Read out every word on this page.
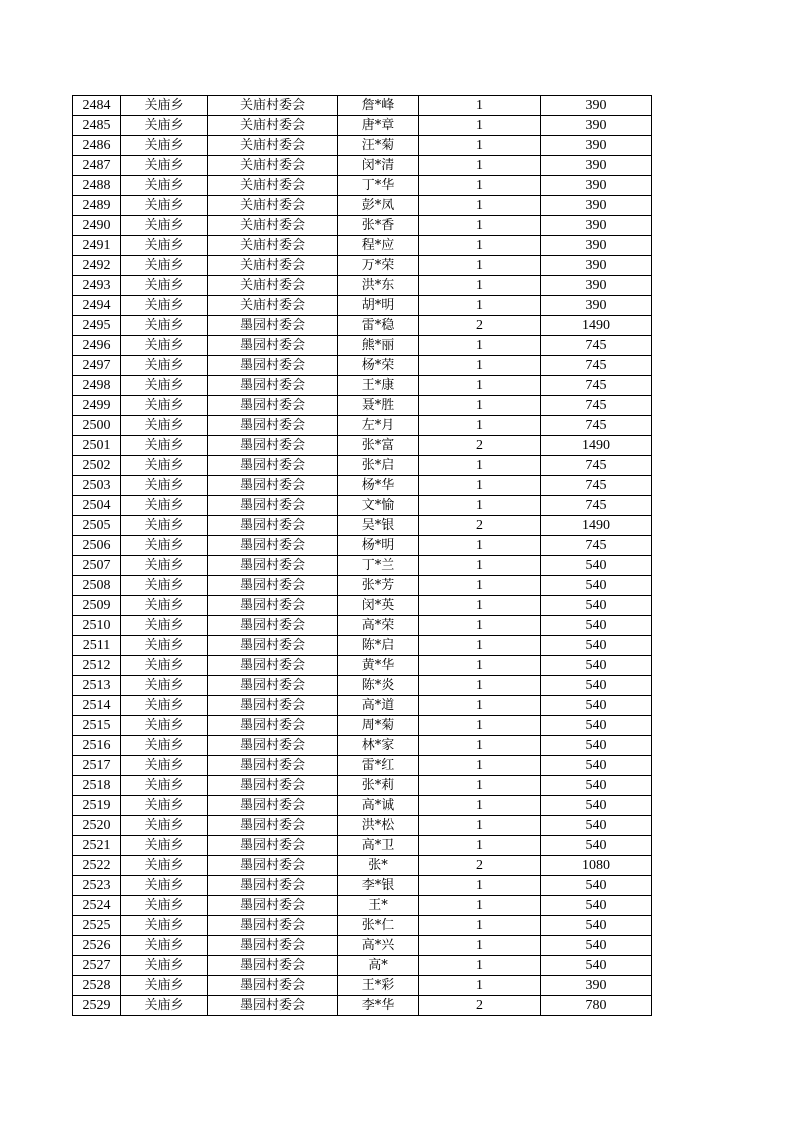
2484	关庙乡	关庙村委会	詹*峰	1	390
2485	关庙乡	关庙村委会	唐*章	1	390
2486	关庙乡	关庙村委会	汪*菊	1	390
2487	关庙乡	关庙村委会	闵*清	1	390
2488	关庙乡	关庙村委会	丁*华	1	390
2489	关庙乡	关庙村委会	彭*凤	1	390
2490	关庙乡	关庙村委会	张*香	1	390
2491	关庙乡	关庙村委会	程*应	1	390
2492	关庙乡	关庙村委会	万*荣	1	390
2493	关庙乡	关庙村委会	洪*东	1	390
2494	关庙乡	关庙村委会	胡*明	1	390
2495	关庙乡	墨园村委会	雷*稳	2	1490
2496	关庙乡	墨园村委会	熊*丽	1	745
2497	关庙乡	墨园村委会	杨*荣	1	745
2498	关庙乡	墨园村委会	王*康	1	745
2499	关庙乡	墨园村委会	聂*胜	1	745
2500	关庙乡	墨园村委会	左*月	1	745
2501	关庙乡	墨园村委会	张*富	2	1490
2502	关庙乡	墨园村委会	张*启	1	745
2503	关庙乡	墨园村委会	杨*华	1	745
2504	关庙乡	墨园村委会	文*愉	1	745
2505	关庙乡	墨园村委会	吴*银	2	1490
2506	关庙乡	墨园村委会	杨*明	1	745
2507	关庙乡	墨园村委会	丁*兰	1	540
2508	关庙乡	墨园村委会	张*芳	1	540
2509	关庙乡	墨园村委会	闵*英	1	540
2510	关庙乡	墨园村委会	高*荣	1	540
2511	关庙乡	墨园村委会	陈*启	1	540
2512	关庙乡	墨园村委会	黄*华	1	540
2513	关庙乡	墨园村委会	陈*炎	1	540
2514	关庙乡	墨园村委会	高*道	1	540
2515	关庙乡	墨园村委会	周*菊	1	540
2516	关庙乡	墨园村委会	林*家	1	540
2517	关庙乡	墨园村委会	雷*红	1	540
2518	关庙乡	墨园村委会	张*莉	1	540
2519	关庙乡	墨园村委会	高*诚	1	540
2520	关庙乡	墨园村委会	洪*松	1	540
2521	关庙乡	墨园村委会	高*卫	1	540
2522	关庙乡	墨园村委会	张*	2	1080
2523	关庙乡	墨园村委会	李*银	1	540
2524	关庙乡	墨园村委会	王*	1	540
2525	关庙乡	墨园村委会	张*仁	1	540
2526	关庙乡	墨园村委会	高*兴	1	540
2527	关庙乡	墨园村委会	高*	1	540
2528	关庙乡	墨园村委会	王*彩	1	390
2529	关庙乡	墨园村委会	李*华	2	780
